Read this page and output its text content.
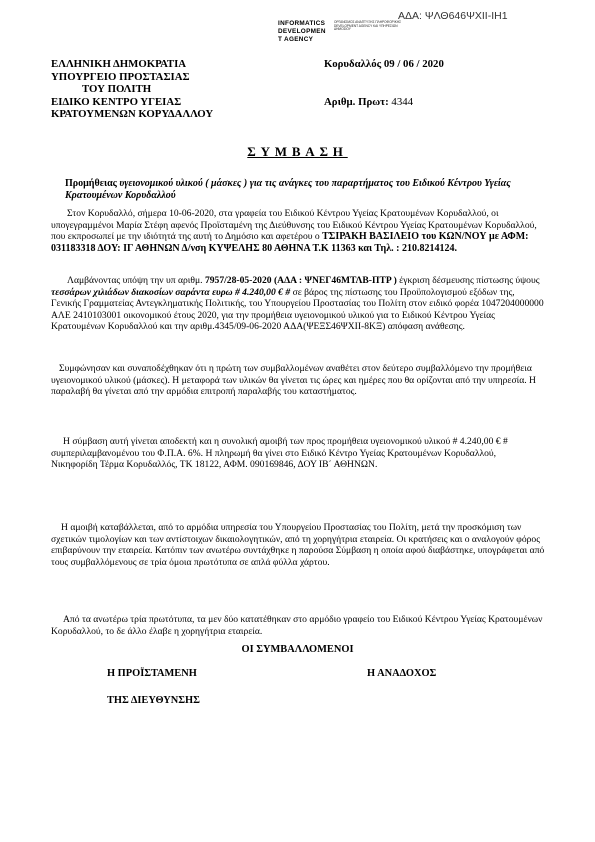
ΑΔΑ: ΨΛΘ646ΨΧΙΙ-ΙΗ1
INFORMATICS
DEVELOPMEN
T AGENCY
ΟΡΓΑΝΙΣΜΟΣ ΑΝΑΠΤΥΞΗΣ ΠΛΗΡΟΦΟΡΙΚΗΣ DEVELOPMENT AGENCY ΚΑΙ ΥΠΗΡΕΣΙΩΝ ΔΗΜΟΣΙΟΥ
ΕΛΛΗΝΙΚΗ ΔΗΜΟΚΡΑΤΙΑ
ΥΠΟΥΡΓΕΙΟ ΠΡΟΣΤΑΣΙΑΣ
ΤΟΥ ΠΟΛΙΤΗ
ΕΙΔΙΚΟ ΚΕΝΤΡΟ ΥΓΕΙΑΣ
ΚΡΑΤΟΥΜΕΝΩΝ ΚΟΡΥΔΑΛΛΟΥ
Κορυδαλλός 09 / 06 / 2020
Αριθμ. Πρωτ: 4344
ΣΥΜΒΑΣΗ
Προμήθειας υγειονομικού υλικού ( μάσκες ) για τις ανάγκες του παραρτήματος του Ειδικού Κέντρου Υγείας Κρατουμένων Κορυδαλλού
Στον Κορυδαλλό, σήμερα 10-06-2020, στα γραφεία του Ειδικού Κέντρου Υγείας Κρατουμένων Κορυδαλλού, οι υπογεγραμμένοι Μαρία Στέφη αφενός Προϊσταμένη της Διεύθυνσης του Ειδικού Κέντρου Υγείας Κρατουμένων Κορυδαλλού, που εκπροσωπεί με την ιδιότητά της αυτή το Δημόσιο και αφετέρου ο ΤΣΙΡΑΚΗ ΒΑΣΙΛΕΙΟ του ΚΩΝ/ΝΟΥ με ΑΦΜ: 031183318 ΔΟΥ: ΙΓ ΑΘΗΝΩΝ Δ/νση ΚΥΨΕΛΗΣ 80 ΑΘΗΝΑ Τ.Κ 11363 και Τηλ. : 210.8214124.
Λαμβάνοντας υπόψη την υπ αριθμ. 7957/28-05-2020 (ΑΔΑ : ΨΝΕΓ46ΜΤΛΒ-ΠΤΡ ) έγκριση δέσμευσης πίστωσης ύψους τεσσάρων χιλιάδων διακοσίων σαράντα ευρω # 4.240,00 € # σε βάρος της πίστωσης του Προϋπολογισμού εξόδων της, Γενικής Γραμματείας Αντεγκληματικής Πολιτικής, του Υπουργείου Προστασίας του Πολίτη στον ειδικό φορέα 1047204000000 ΑΛΕ 2410103001 οικονομικού έτους 2020, για την προμήθεια υγειονομικού υλικού για το Ειδικού Κέντρου Υγείας Κρατουμένων Κορυδαλλού και την αριθμ.4345/09-06-2020 ΑΔΑ(ΨΕΞΣ46ΨΧΙΙ-8ΚΞ) απόφαση ανάθεσης.
Συμφώνησαν και συναποδέχθηκαν ότι η πρώτη των συμβαλλομένων αναθέτει στον δεύτερο συμβαλλόμενο την προμήθεια υγειονομικού υλικού (μάσκες). Η μεταφορά των υλικών θα γίνεται τις ώρες και ημέρες που θα ορίζονται από την υπηρεσία. Η παραλαβή θα γίνεται από την αρμόδια επιτροπή παραλαβής του καταστήματος.
Η σύμβαση αυτή γίνεται αποδεκτή και η συνολική αμοιβή των προς προμήθεια υγειονομικού υλικού # 4.240,00 € # συμπεριλαμβανομένου του Φ.Π.Α. 6%. Η πληρωμή θα γίνει στο Ειδικό Κέντρο Υγείας Κρατουμένων Κορυδαλλού, Νικηφορίδη Τέρμα Κορυδαλλός, ΤΚ 18122, ΑΦΜ. 090169846, ΔΟΥ ΙΒ΄ ΑΘΗΝΩΝ.
Η αμοιβή καταβάλλεται, από το αρμόδια υπηρεσία του Υπουργείου Προστασίας του Πολίτη, μετά την προσκόμιση των σχετικών τιμολογίων και των αντίστοιχων δικαιολογητικών, από τη χορηγήτρια εταιρεία. Οι κρατήσεις και ο αναλογούν φόρος επιβαρύνουν την εταιρεία. Κατόπιν των ανωτέρω συντάχθηκε η παρούσα Σύμβαση η οποία αφού διαβάστηκε, υπογράφεται από τους συμβαλλόμενους σε τρία όμοια πρωτότυπα σε απλά φύλλα χάρτου.
Από τα ανωτέρω τρία πρωτότυπα, τα μεν δύο κατατέθηκαν στο αρμόδιο γραφείο του Ειδικού Κέντρου Υγείας Κρατουμένων Κορυδαλλού, το δε άλλο έλαβε η χορηγήτρια εταιρεία.
ΟΙ ΣΥΜΒΑΛΛΟΜΕΝΟΙ
Η ΠΡΟΪΣΤΑΜΕΝΗ	Η ΑΝΑΔΟΧΟΣ
ΤΗΣ ΔΙΕΥΘΥΝΣΗΣ
